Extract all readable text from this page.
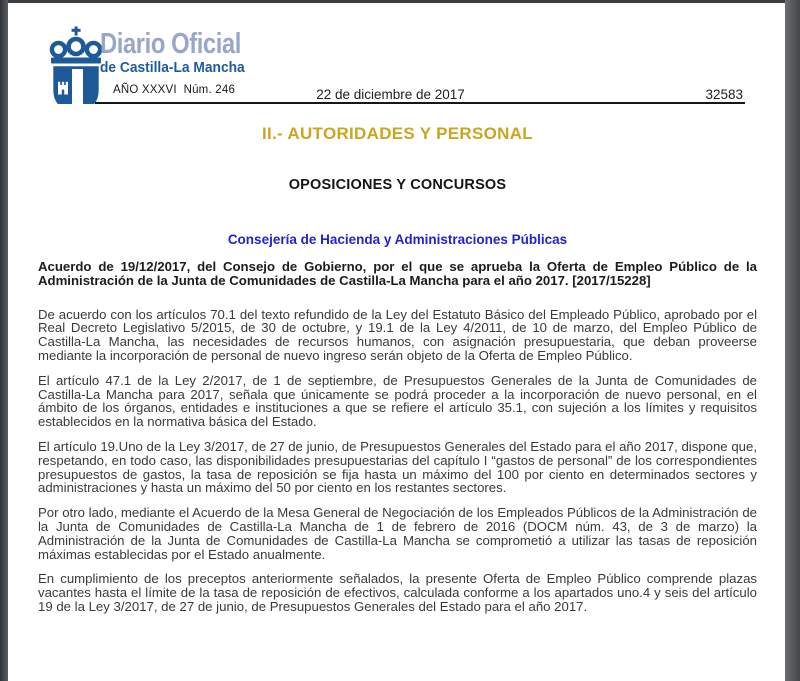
Diario Oficial
de Castilla-La Mancha
AÑO XXXVI  Núm. 246	22 de diciembre de 2017	32583
II.- AUTORIDADES Y PERSONAL
OPOSICIONES Y CONCURSOS
Consejería de Hacienda y Administraciones Públicas

Acuerdo de 19/12/2017, del Consejo de Gobierno, por el que se aprueba la Oferta de Empleo Público de la Administración de la Junta de Comunidades de Castilla-La Mancha para el año 2017. [2017/15228]

De acuerdo con los artículos 70.1 del texto refundido de la Ley del Estatuto Básico del Empleado Público, aprobado por el Real Decreto Legislativo 5/2015, de 30 de octubre, y 19.1 de la Ley 4/2011, de 10 de marzo, del Empleo Público de Castilla-La Mancha, las necesidades de recursos humanos, con asignación presupuestaria, que deban proveerse mediante la incorporación de personal de nuevo ingreso serán objeto de la Oferta de Empleo Público.

El artículo 47.1 de la Ley 2/2017, de 1 de septiembre, de Presupuestos Generales de la Junta de Comunidades de Castilla-La Mancha para 2017, señala que únicamente se podrá proceder a la incorporación de nuevo personal, en el ámbito de los órganos, entidades e instituciones a que se refiere el artículo 35.1, con sujeción a los límites y requisitos establecidos en la normativa básica del Estado.

El artículo 19.Uno de la Ley 3/2017, de 27 de junio, de Presupuestos Generales del Estado para el año 2017, dispone que, respetando, en todo caso, las disponibilidades presupuestarias del capítulo I “gastos de personal” de los correspondientes presupuestos de gastos, la tasa de reposición se fija hasta un máximo del 100 por ciento en determinados sectores y administraciones y hasta un máximo del 50 por ciento en los restantes sectores.

Por otro lado, mediante el Acuerdo de la Mesa General de Negociación de los Empleados Públicos de la Administración de la Junta de Comunidades de Castilla-La Mancha de 1 de febrero de 2016 (DOCM núm. 43, de 3 de marzo) la Administración de la Junta de Comunidades de Castilla-La Mancha se comprometió a utilizar las tasas de reposición máximas establecidas por el Estado anualmente.

En cumplimiento de los preceptos anteriormente señalados, la presente Oferta de Empleo Público comprende plazas vacantes hasta el límite de la tasa de reposición de efectivos, calculada conforme a los apartados uno.4 y seis del artículo 19 de la Ley 3/2017, de 27 de junio, de Presupuestos Generales del Estado para el año 2017.
